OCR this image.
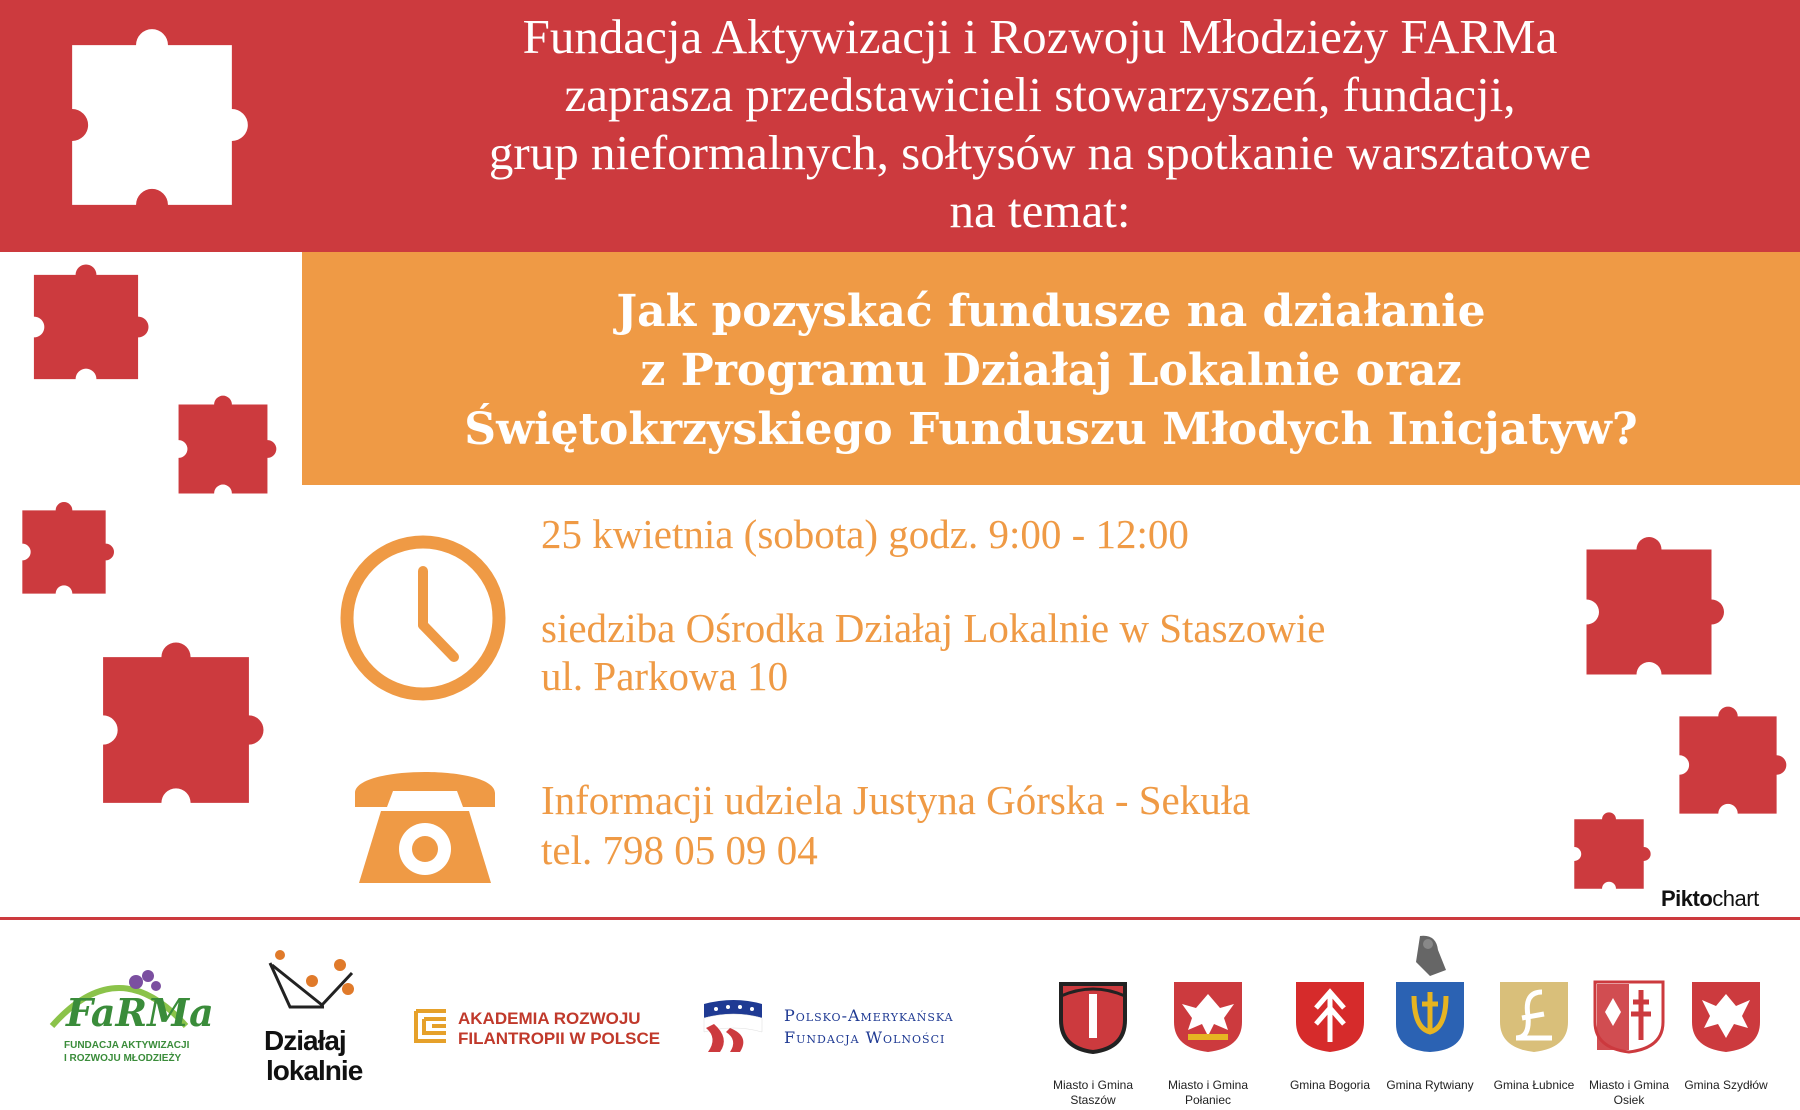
Fundacja Aktywizacji i Rozwoju Młodzieży FARMa
zaprasza przedstawicieli stowarzyszeń, fundacji,
grup nieformalnych, sołtysów na spotkanie warsztatowe
na temat:
Jak pozyskać fundusze na działanie
z Programu Działaj Lokalnie oraz
Świętokrzyskiego Funduszu Młodych Inicjatyw?
25 kwietnia (sobota) godz. 9:00 - 12:00
siedziba Ośrodka Działaj Lokalnie w Staszowie
ul. Parkowa 10
Informacji udziela Justyna Górska - Sekuła
tel. 798 05 09 04
Piktochart
FaRMa
FUNDACJA AKTYWIZACJI
I ROZWOJU MŁODZIEŻY
Działaj
lokalnie
AKADEMIA ROZWOJU
FILANTROPII W POLSCE
Polsko-Amerykańska
Fundacja Wolności
Miasto i Gmina
Staszów
Miasto i Gmina
Połaniec
Gmina Bogoria	Gmina Rytwiany	Gmina Łubnice	Miasto i Gmina
Osiek
Gmina Szydłów
